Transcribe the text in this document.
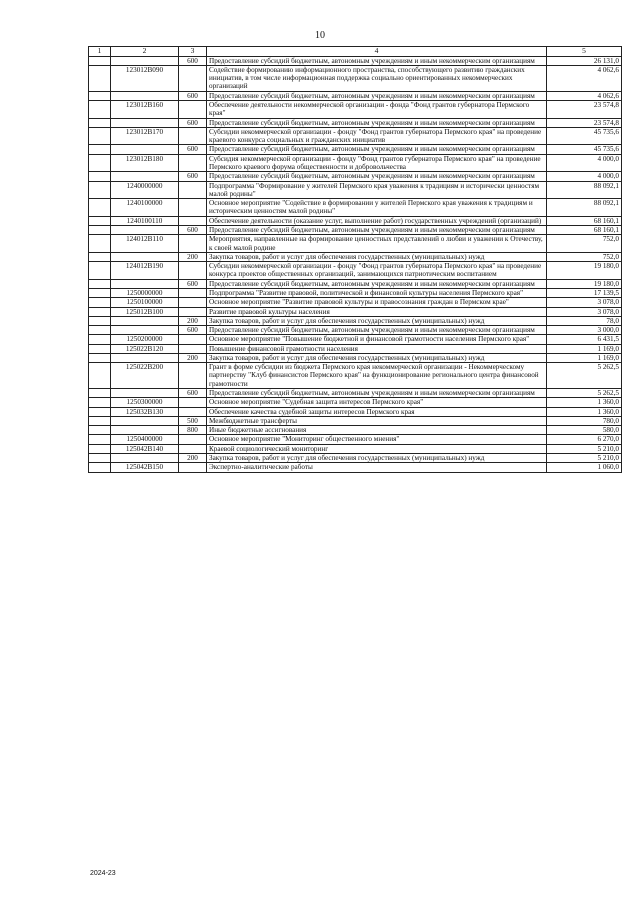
10
1	2	3	4	5
		600	Предоставление субсидий бюджетным, автономным учреждениям и иным некоммерческим организациям	26 131,0
	123012В090		Содействие формированию информационного пространства, способствующего развитию гражданских инициатив, в том числе информационная поддержка социально ориентированных некоммерческих организаций	4 062,6
		600	Предоставление субсидий бюджетным, автономным учреждениям и иным некоммерческим организациям	4 062,6
	123012В160		Обеспечение деятельности некоммерческой организации - фонда "Фонд грантов губернатора Пермского края"	23 574,8
		600	Предоставление субсидий бюджетным, автономным учреждениям и иным некоммерческим организациям	23 574,8
	123012В170		Субсидии некоммерческой организации - фонду "Фонд грантов губернатора Пермского края" на проведение краевого конкурса социальных и гражданских инициатив	45 735,6
		600	Предоставление субсидий бюджетным, автономным учреждениям и иным некоммерческим организациям	45 735,6
	123012В180		Субсидия некоммерческой организации - фонду "Фонд грантов губернатора Пермского края" на проведение Пермского краевого форума общественности и добровольчества	4 000,0
		600	Предоставление субсидий бюджетным, автономным учреждениям и иным некоммерческим организациям	4 000,0
	1240000000		Подпрограмма "Формирование у жителей Пермского края уважения к традициям и исторически ценностям малой родины"	88 092,1
	1240100000		Основное мероприятие "Содействие в формировании у жителей Пермского края уважения к традициям и историческим ценностям малой родины"	88 092,1
	1240100110		Обеспечение деятельности (оказание услуг, выполнение работ) государственных учреждений (организаций)	68 160,1
		600	Предоставление субсидий бюджетным, автономным учреждениям и иным некоммерческим организациям	68 160,1
	124012В110		Мероприятия, направленные на формирование ценностных представлений о любви и уважении к Отечеству, к своей малой родине	752,0
		200	Закупка товаров, работ и услуг для обеспечения государственных (муниципальных) нужд	752,0
	124012В190		Субсидии некоммерческой организации - фонду "Фонд грантов губернатора Пермского края" на проведение конкурса проектов общественных организаций, занимающихся патриотическим воспитанием	19 180,0
		600	Предоставление субсидий бюджетным, автономным учреждениям и иным некоммерческим организациям	19 180,0
	1250000000		Подпрограмма "Развитие правовой, политической и финансовой культуры населения Пермского края"	17 139,5
	1250100000		Основное мероприятие "Развитие правовой культуры и правосознания граждан в Пермском крае"	3 078,0
	125012В100		Развитие правовой культуры населения	3 078,0
		200	Закупка товаров, работ и услуг для обеспечения государственных (муниципальных) нужд	78,0
		600	Предоставление субсидий бюджетным, автономным учреждениям и иным некоммерческим организациям	3 000,0
	1250200000		Основное мероприятие "Повышение бюджетной и финансовой грамотности населения Пермского края"	6 431,5
	125022В120		Повышение финансовой грамотности населения	1 169,0
		200	Закупка товаров, работ и услуг для обеспечения государственных (муниципальных) нужд	1 169,0
	125022В200		Грант в форме субсидии из бюджета Пермского края некоммерческой организации - Некоммерческому партнерству "Клуб финансистов Пермского края" на функционирование регионального центра финансовой грамотности	5 262,5
		600	Предоставление субсидий бюджетным, автономным учреждениям и иным некоммерческим организациям	5 262,5
	1250300000		Основное мероприятие "Судебная защита интересов Пермского края"	1 360,0
	125032В130		Обеспечение качества судебной защиты интересов Пермского края	1 360,0
		500	Межбюджетные трансферты	780,0
		800	Иные бюджетные ассигнования	580,0
	1250400000		Основное мероприятие "Мониторинг общественного мнения"	6 270,0
	125042В140		Краевой социологический мониторинг	5 210,0
		200	Закупка товаров, работ и услуг для обеспечения государственных (муниципальных) нужд	5 210,0
	125042В150		Экспертно-аналитические работы	1 060,0
2024-23
